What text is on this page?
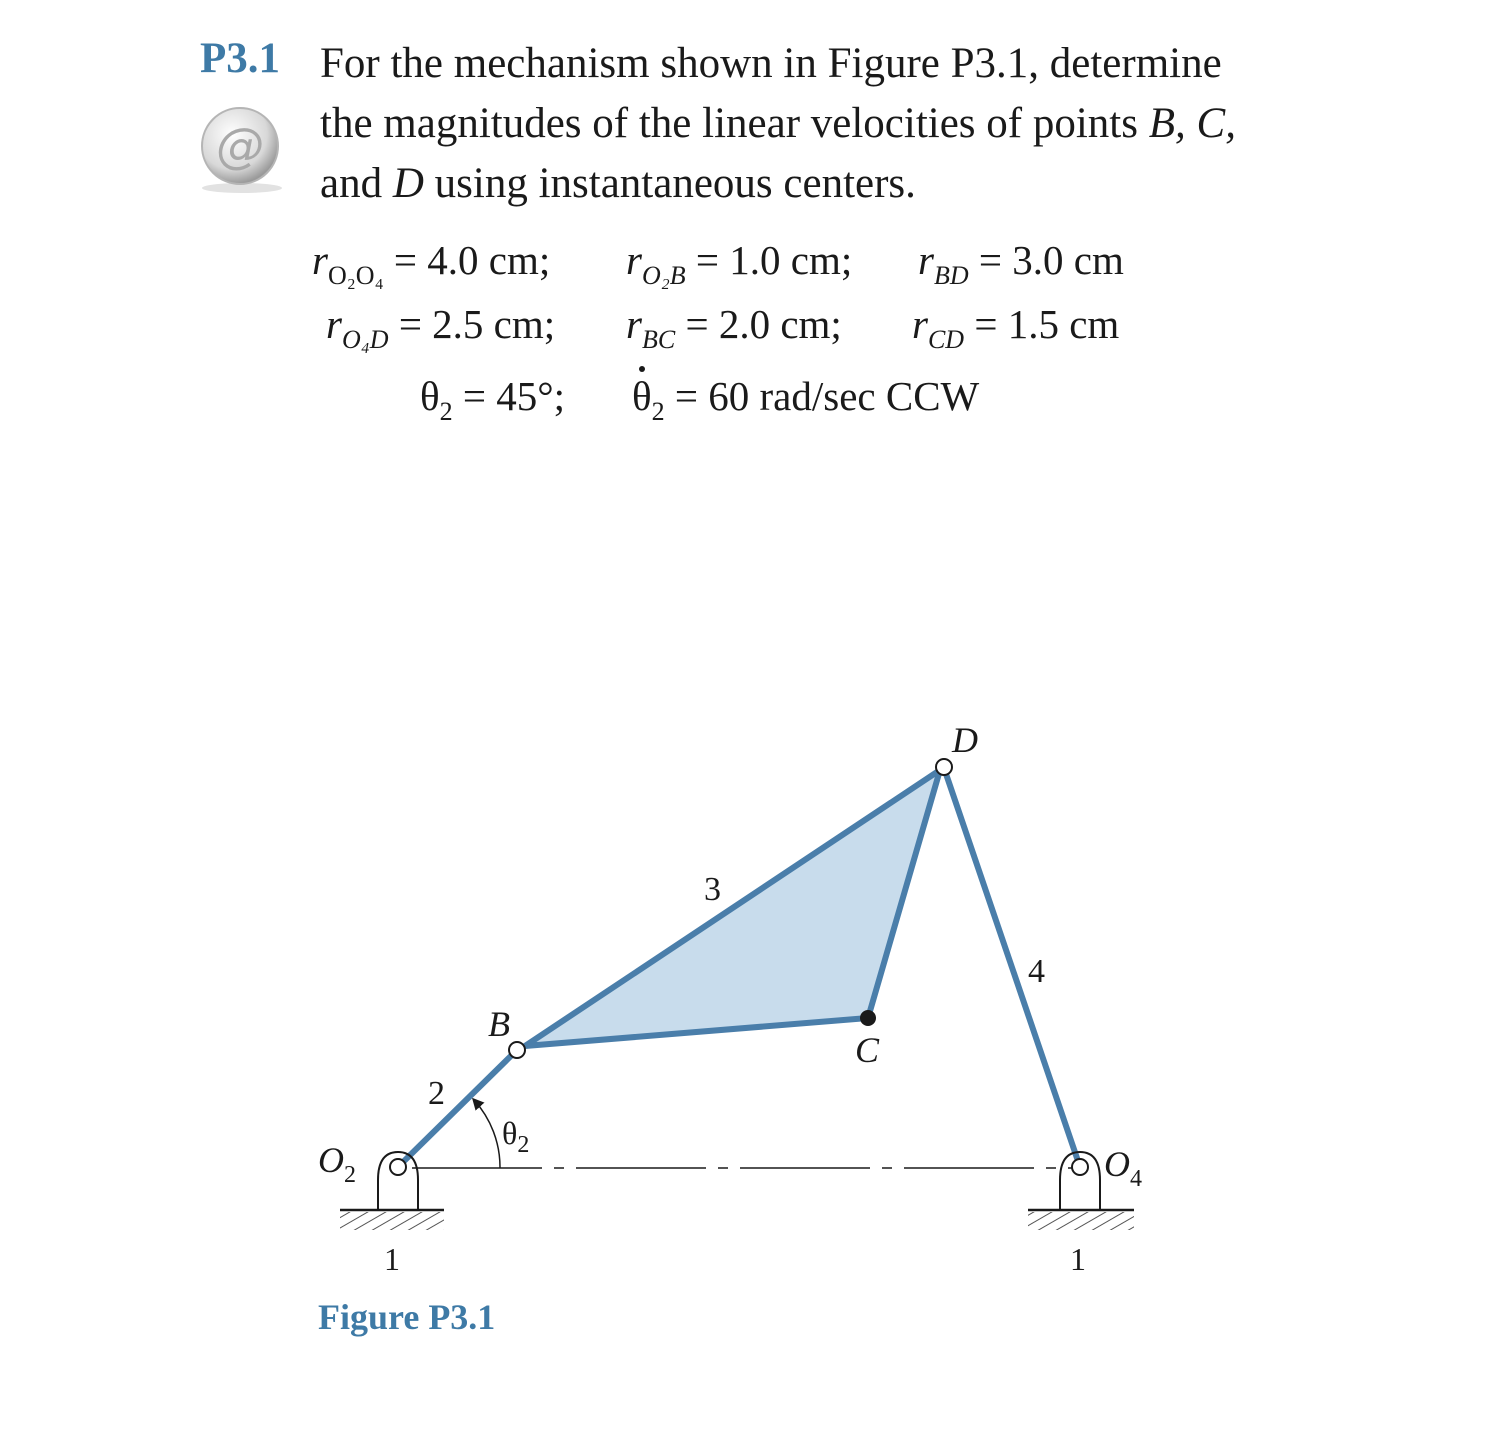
P3.1
@
For the mechanism shown in Figure P3.1, determine
the magnitudes of the linear velocities of points B, C,
and D using instantaneous centers.
$r_{O_2O_4} = 4.0$ cm; $r_{O_2B} = 1.0$ cm; $r_{BD} = 3.0$ cm
$r_{O_4D} = 2.5$ cm; $r_{BC} = 2.0$ cm; $r_{CD} = 1.5$ cm
$\theta_2 = 45^\circ$; $\theta_2 = 60$ rad/sec CCW
D
C
B
3
4
2
$O_2$	$O_4$
$\theta_2$
1	1
Figure P3.1
